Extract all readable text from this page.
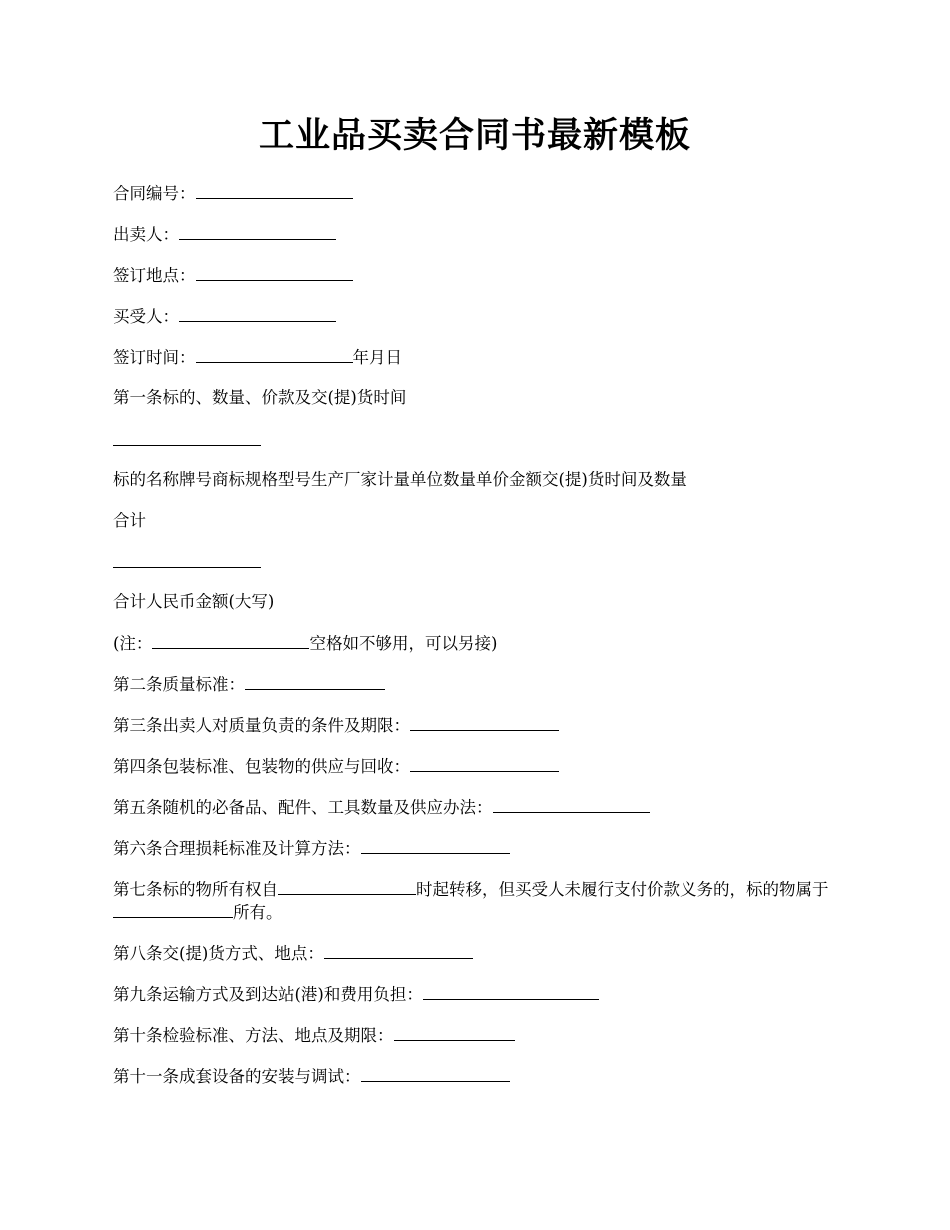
工业品买卖合同书最新模板
合同编号：
出卖人：
签订地点：
买受人：
签订时间：	年月日
第一条标的、数量、价款及交(提)货时间
标的名称牌号商标规格型号生产厂家计量单位数量单价金额交(提)货时间及数量
合计
合计人民币金额(大写)
(注：	空格如不够用，可以另接)
第二条质量标准：
第三条出卖人对质量负责的条件及期限：
第四条包装标准、包装物的供应与回收：
第五条随机的必备品、配件、工具数量及供应办法：
第六条合理损耗标准及计算方法：
第七条标的物所有权自	时起转移，但买受人未履行支付价款义务的，标的物属于所有。
第八条交(提)货方式、地点：
第九条运输方式及到达站(港)和费用负担：
第十条检验标准、方法、地点及期限：
第十一条成套设备的安装与调试：
